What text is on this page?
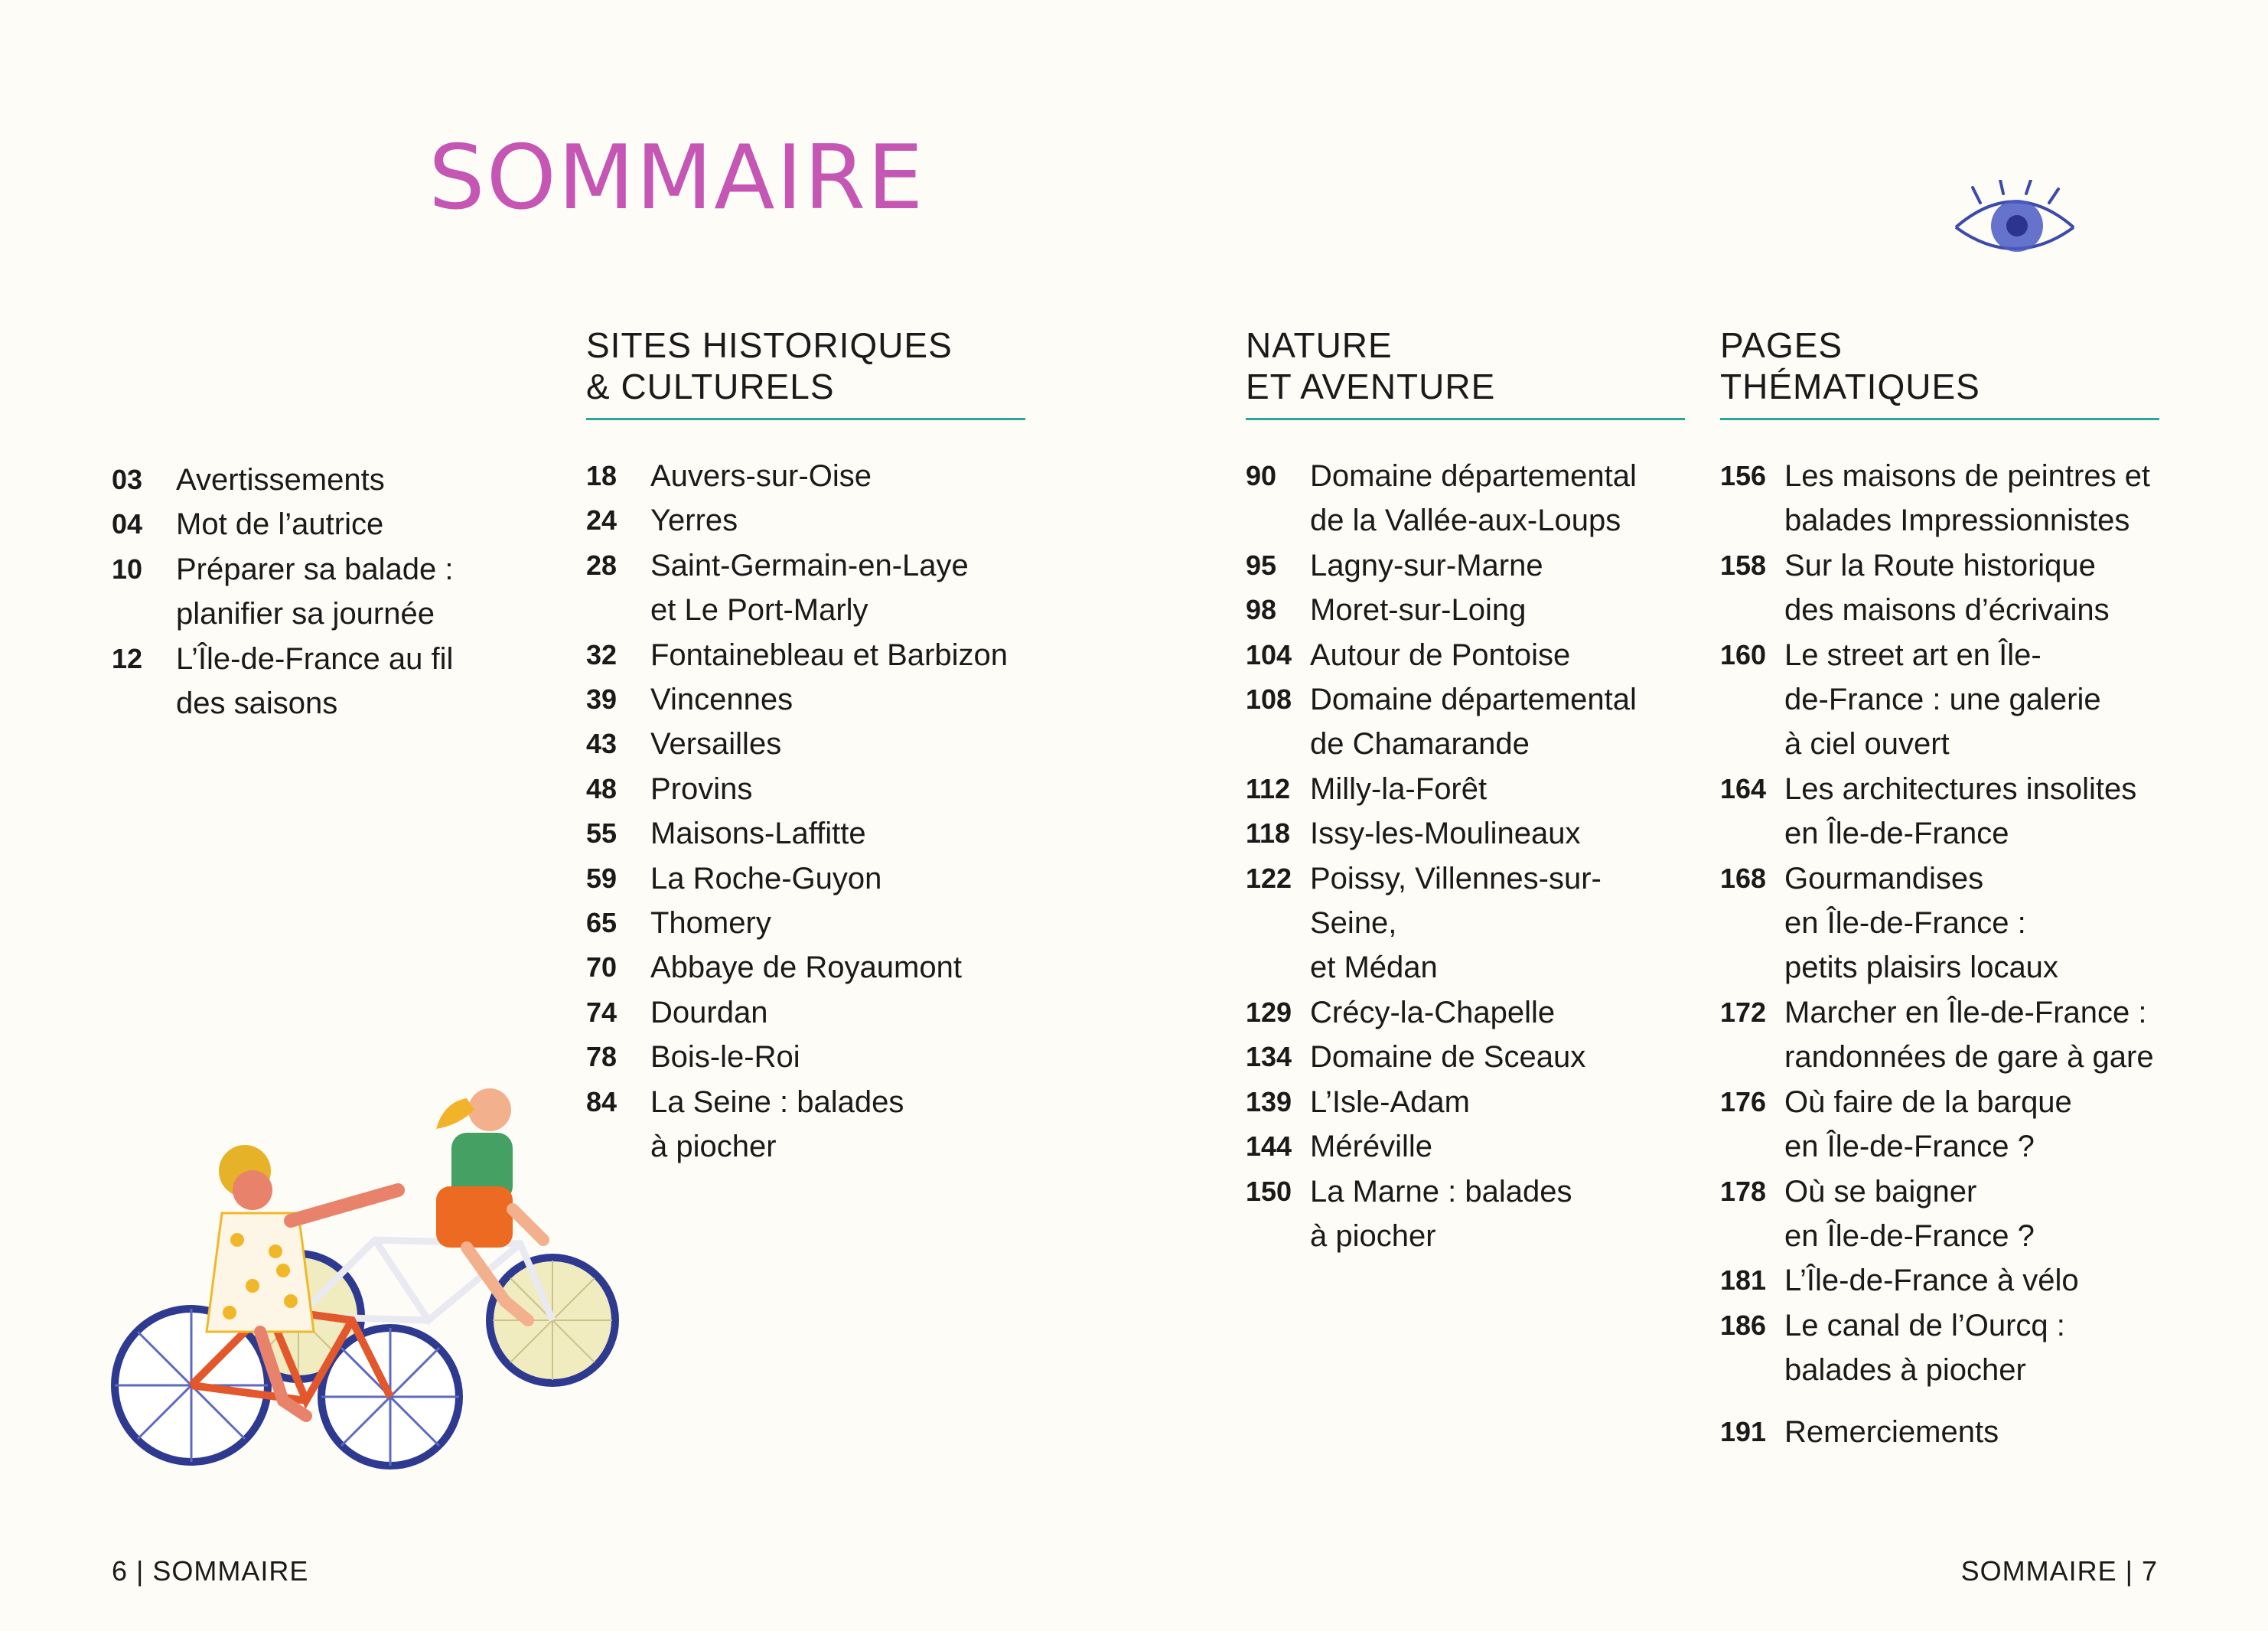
SOMMAIRE
03	Avertissements
04	Mot de l’autrice
10	Préparer sa balade :
planifier sa journée
12	L’Île-de-France au fil
des saisons
SITES HISTORIQUES
& CULTURELS
18	Auvers-sur-Oise
24	Yerres
28	Saint-Germain-en-Laye
et Le Port-Marly
32	Fontainebleau et Barbizon
39	Vincennes
43	Versailles
48	Provins
55	Maisons-Laffitte
59	La Roche-Guyon
65	Thomery
70	Abbaye de Royaumont
74	Dourdan
78	Bois-le-Roi
84	La Seine : balades
à piocher
NATURE
ET AVENTURE
90	Domaine départemental
de la Vallée-aux-Loups
95	Lagny-sur-Marne
98	Moret-sur-Loing
104 Autour de Pontoise
108 Domaine départemental
de Chamarande
112 Milly-la-Forêt
118 Issy-les-Moulineaux
122 Poissy, Villennes-sur-Seine,
et Médan
129 Crécy-la-Chapelle
134 Domaine de Sceaux
139 L’Isle-Adam
144 Méréville
150 La Marne : balades
à piocher
PAGES
THÉMATIQUES
156 Les maisons de peintres et
balades Impressionnistes
158 Sur la Route historique
des maisons d’écrivains
160 Le street art en Île-
de-France : une galerie
à ciel ouvert
164 Les architectures insolites
en Île-de-France
168 Gourmandises
en Île-de-France :
petits plaisirs locaux
172 Marcher en Île-de-France :
randonnées de gare à gare
176 Où faire de la barque
en Île-de-France ?
178 Où se baigner
en Île-de-France ?
181 L’Île-de-France à vélo
186 Le canal de l’Ourcq :
balades à piocher
191 Remerciements
6 | SOMMAIRE	SOMMAIRE | 7
